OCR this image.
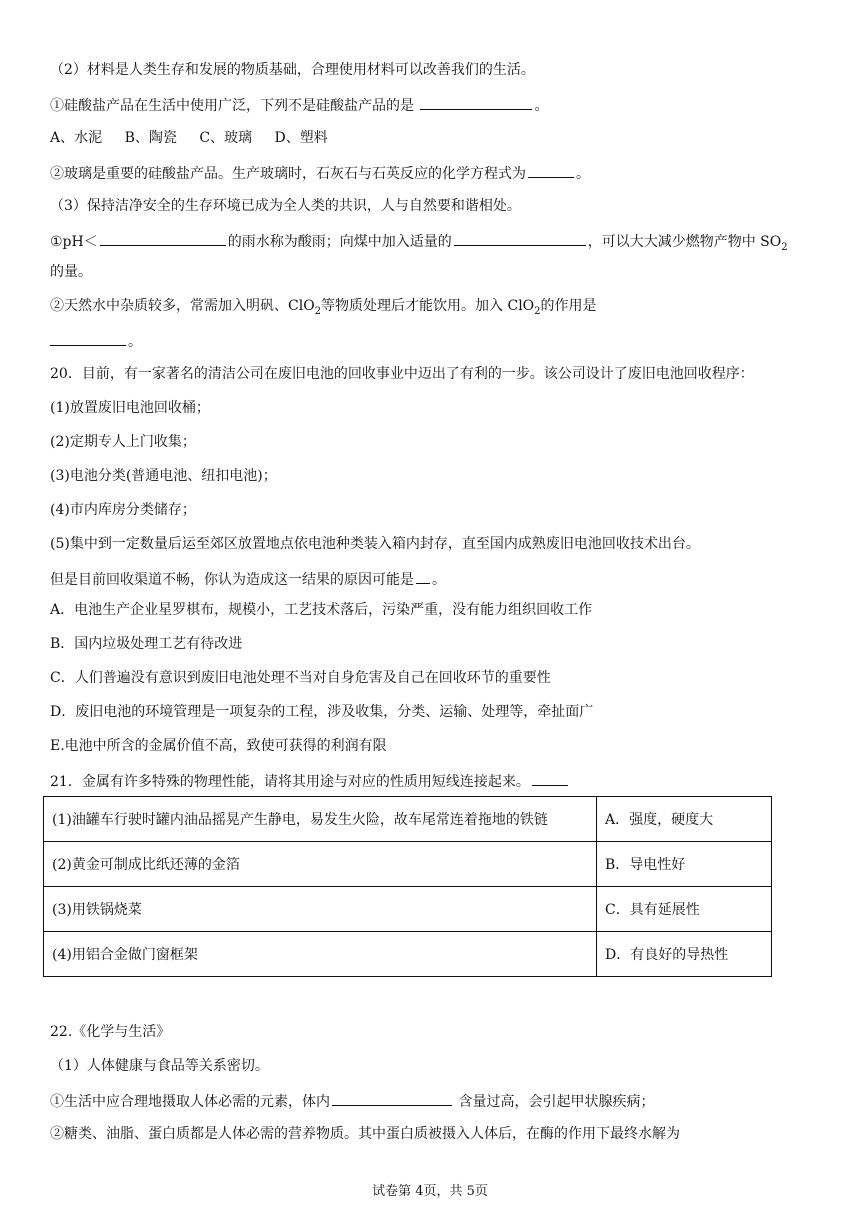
（2）材料是人类生存和发展的物质基础，合理使用材料可以改善我们的生活。
①硅酸盐产品在生活中使用广泛，下列不是硅酸盐产品的是	。
A、水泥 B、陶瓷 C、玻璃 D、塑料
②玻璃是重要的硅酸盐产品。生产玻璃时，石灰石与石英反应的化学方程式为	。
（3）保持洁净安全的生存环境已成为全人类的共识，人与自然要和谐相处。
①pH＜	的雨水称为酸雨；向煤中加入适量的	，可以大大减少燃物产物中 $SO_2$
的量。
②天然水中杂质较多，常需加入明矾、ClO$_2$等物质处理后才能饮用。加入 ClO$_2$的作用是
。
20．目前，有一家著名的清洁公司在废旧电池的回收事业中迈出了有利的一步。该公司设计了废旧电池回收程序：
(1)放置废旧电池回收桶；
(2)定期专人上门收集；
(3)电池分类(普通电池、纽扣电池)；
(4)市内库房分类储存；
(5)集中到一定数量后运至郊区放置地点依电池种类装入箱内封存，直至国内成熟废旧电池回收技术出台。
但是目前回收渠道不畅，你认为造成这一结果的原因可能是 。
A．电池生产企业星罗棋布，规模小，工艺技术落后，污染严重，没有能力组织回收工作
B．国内垃圾处理工艺有待改进
C．人们普遍没有意识到废旧电池处理不当对自身危害及自己在回收环节的重要性
D．废旧电池的环境管理是一项复杂的工程，涉及收集，分类、运输、处理等，牵扯面广
E.电池中所含的金属价值不高，致使可获得的利润有限
21．金属有许多特殊的物理性能，请将其用途与对应的性质用短线连接起来。
(1)油罐车行驶时罐内油品摇晃产生静电，易发生火险，故车尾常连着拖地的铁链	A．强度，硬度大
(2)黄金可制成比纸还薄的金箔	B．导电性好
(3)用铁锅烧菜	C．具有延展性
(4)用铝合金做门窗框架	D．有良好的导热性
22.《化学与生活》
（1）人体健康与食品等关系密切。
①生活中应合理地摄取人体必需的元素，体内	含量过高，会引起甲状腺疾病；
②糖类、油脂、蛋白质都是人体必需的营养物质。其中蛋白质被摄入人体后，在酶的作用下最终水解为
试卷第 4页，共 5页
